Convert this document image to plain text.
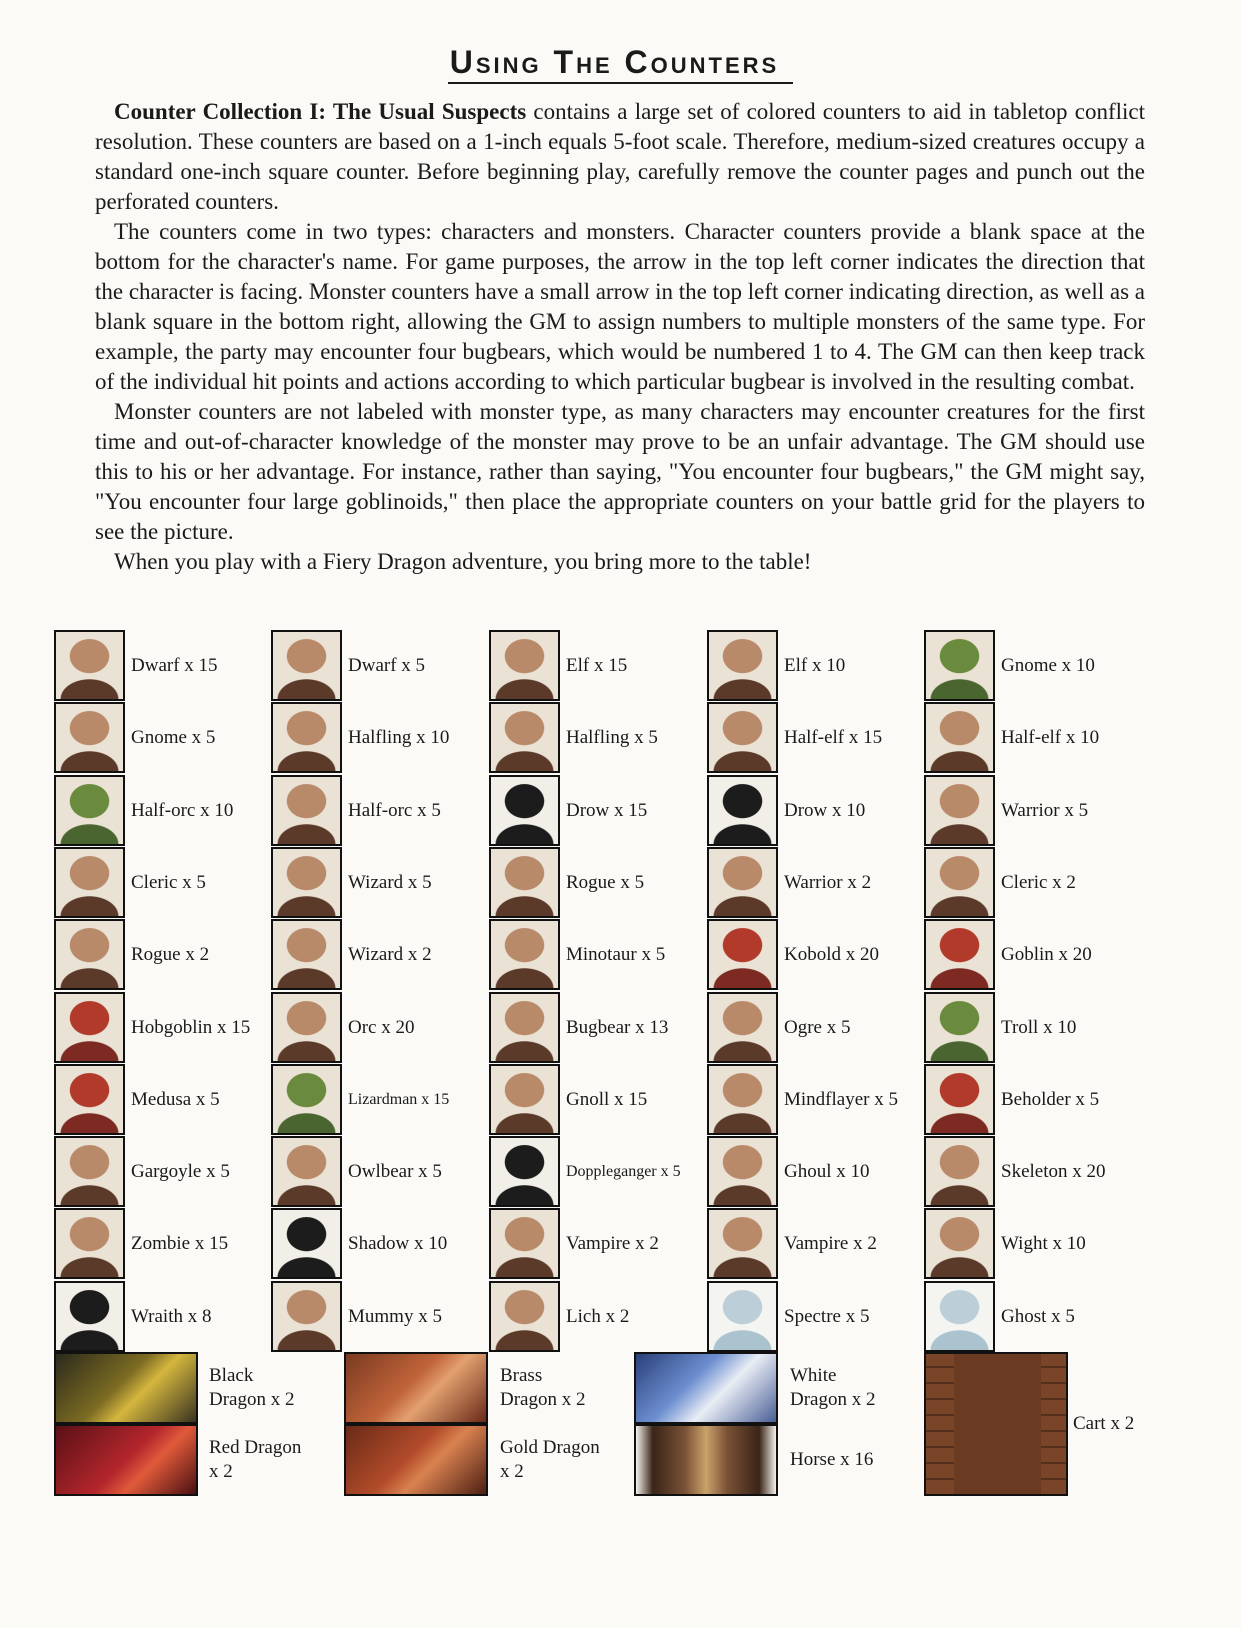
Using The Counters

Counter Collection I: The Usual Suspects contains a large set of colored counters to aid in tabletop conflict resolution. These counters are based on a 1-inch equals 5-foot scale. Therefore, medium-sized creatures occupy a standard one-inch square counter. Before beginning play, carefully remove the counter pages and punch out the perforated counters.

The counters come in two types: characters and monsters. Character counters provide a blank space at the bottom for the character's name. For game purposes, the arrow in the top left corner indicates the direction that the character is facing. Monster counters have a small arrow in the top left corner indicating direction, as well as a blank square in the bottom right, allowing the GM to assign numbers to multiple monsters of the same type. For example, the party may encounter four bugbears, which would be numbered 1 to 4. The GM can then keep track of the individual hit points and actions according to which particular bugbear is involved in the resulting combat.

Monster counters are not labeled with monster type, as many characters may encounter creatures for the first time and out-of-character knowledge of the monster may prove to be an unfair advantage. The GM should use this to his or her advantage. For instance, rather than saying, "You encounter four bugbears," the GM might say, "You encounter four large goblinoids," then place the appropriate counters on your battle grid for the players to see the picture.

When you play with a Fiery Dragon adventure, you bring more to the table!

Dwarf x 15
Gnome x 5
Half-orc x 10
Cleric x 5
Rogue x 2
Hobgoblin x 15
Medusa x 5
Gargoyle x 5
Zombie x 15
Wraith x 8
Dwarf x 5
Halfling x 10
Half-orc x 5
Wizard x 5
Wizard x 2
Orc x 20
Lizardman x 15
Owlbear x 5
Shadow x 10
Mummy x 5
Elf x 15
Halfling x 5
Drow x 15
Rogue x 5
Minotaur x 5
Bugbear x 13
Gnoll x 15
Doppleganger x 5
Vampire x 2
Lich x 2
Elf x 10
Half-elf x 15
Drow x 10
Warrior x 2
Kobold x 20
Ogre x 5
Mindflayer x 5
Ghoul x 10
Vampire x 2
Spectre x 5
Gnome x 10
Half-elf x 10
Warrior x 5
Cleric x 2
Goblin x 20
Troll x 10
Beholder x 5
Skeleton x 20
Wight x 10
Ghost x 5
Black Dragon x 2
Red Dragon x 2
Brass Dragon x 2
Gold Dragon x 2
White Dragon x 2
Horse x 16
Cart x 2
